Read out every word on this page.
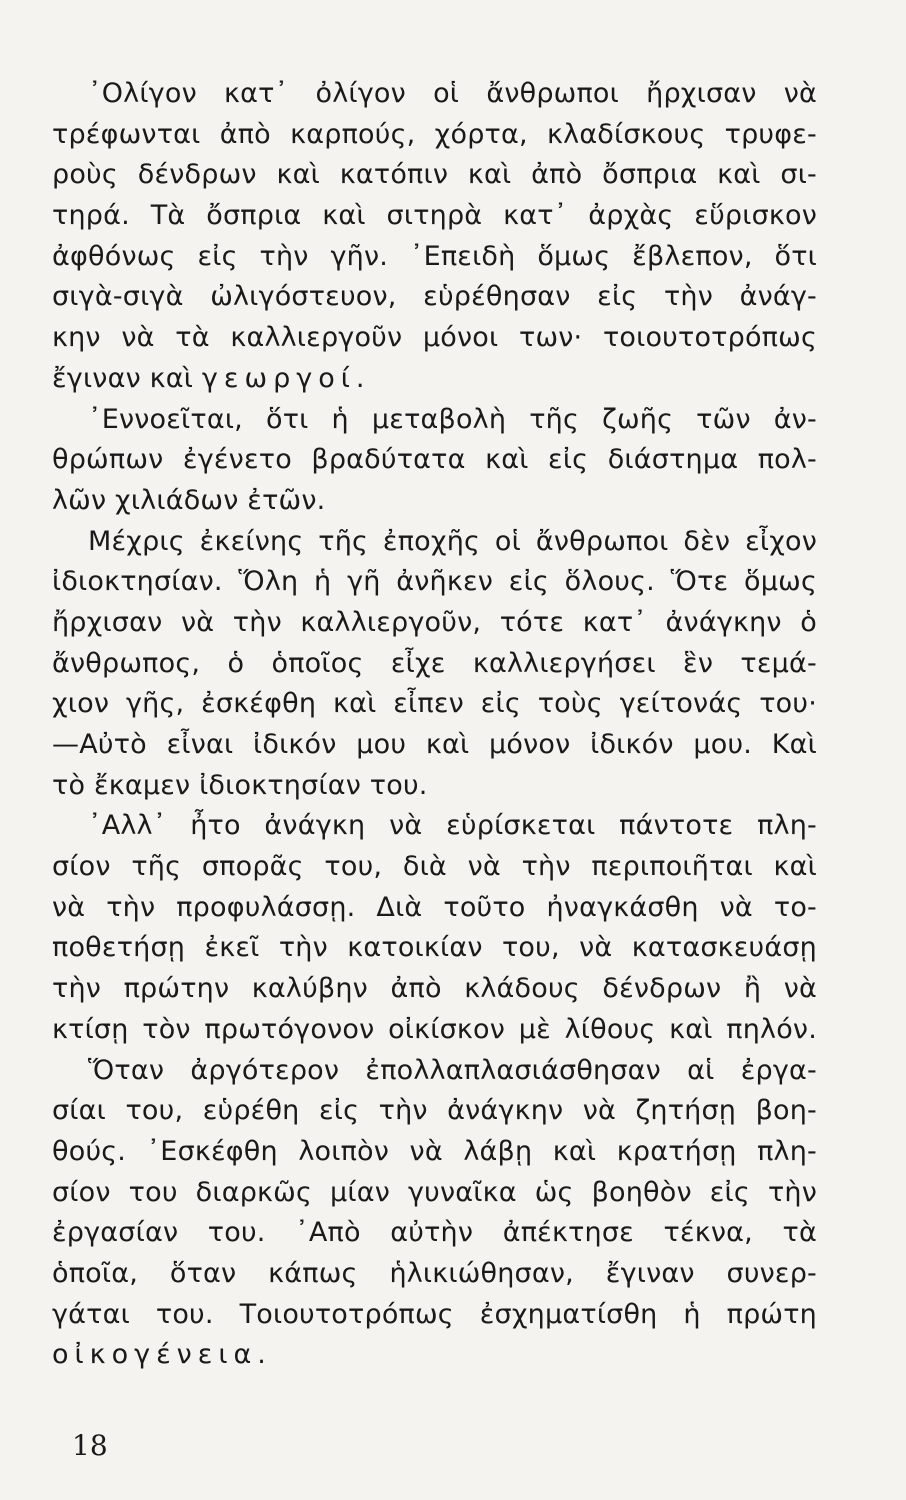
᾿Ολίγον κατ᾿ ὀλίγον οἱ ἄνθρωποι ἤρχισαν νὰ
τρέφωνται ἀπὸ καρπούς, χόρτα, κλαδίσκους τρυφε-
ροὺς δένδρων καὶ κατόπιν καὶ ἀπὸ ὄσπρια καὶ σι-
τηρά. Τὰ ὄσπρια καὶ σιτηρὰ κατ᾿ ἀρχὰς εὕρισκον
ἀφθόνως εἰς τὴν γῆν. ᾿Επειδὴ ὅμως ἔβλεπον, ὅτι
σιγὰ-σιγὰ ὠλιγόστευον, εὑρέθησαν εἰς τὴν ἀνάγ-
κην νὰ τὰ καλλιεργοῦν μόνοι των· τοιουτοτρόπως
ἔγιναν καὶ γεωργοί.
᾿Εννοεῖται, ὅτι ἡ μεταβολὴ τῆς ζωῆς τῶν ἀν-
θρώπων ἐγένετο βραδύτατα καὶ εἰς διάστημα πολ-
λῶν χιλιάδων ἐτῶν.
Μέχρις ἐκείνης τῆς ἐποχῆς οἱ ἄνθρωποι δὲν εἶχον
ἰδιοκτησίαν. Ὅλη ἡ γῆ ἀνῆκεν εἰς ὅλους. Ὅτε ὅμως
ἤρχισαν νὰ τὴν καλλιεργοῦν, τότε κατ᾿ ἀνάγκην ὁ
ἄνθρωπος, ὁ ὁποῖος εἶχε καλλιεργήσει ἓν τεμά-
χιον γῆς, ἐσκέφθη καὶ εἶπεν εἰς τοὺς γείτονάς του·
—Αὐτὸ εἶναι ἰδικόν μου καὶ μόνον ἰδικόν μου. Καὶ
τὸ ἔκαμεν ἰδιοκτησίαν του.
᾿Αλλ᾿ ἦτο ἀνάγκη νὰ εὑρίσκεται πάντοτε πλη-
σίον τῆς σπορᾶς του, διὰ νὰ τὴν περιποιῆται καὶ
νὰ τὴν προφυλάσσῃ. Διὰ τοῦτο ἠναγκάσθη νὰ το-
ποθετήσῃ ἐκεῖ τὴν κατοικίαν του, νὰ κατασκευάσῃ
τὴν πρώτην καλύβην ἀπὸ κλάδους δένδρων ἢ νὰ
κτίσῃ τὸν πρωτόγονον οἰκίσκον μὲ λίθους καὶ πηλόν.
Ὅταν ἀργότερον ἐπολλαπλασιάσθησαν αἱ ἐργα-
σίαι του, εὑρέθη εἰς τὴν ἀνάγκην νὰ ζητήσῃ βοη-
θούς. ᾿Εσκέφθη λοιπὸν νὰ λάβῃ καὶ κρατήσῃ πλη-
σίον του διαρκῶς μίαν γυναῖκα ὡς βοηθὸν εἰς τὴν
ἐργασίαν του. ᾿Απὸ αὐτὴν ἀπέκτησε τέκνα, τὰ
ὁποῖα, ὅταν κάπως ἡλικιώθησαν, ἔγιναν συνερ-
γάται του. Τοιουτοτρόπως ἐσχηματίσθη ἡ πρώτη
οἰκογένεια.
18
